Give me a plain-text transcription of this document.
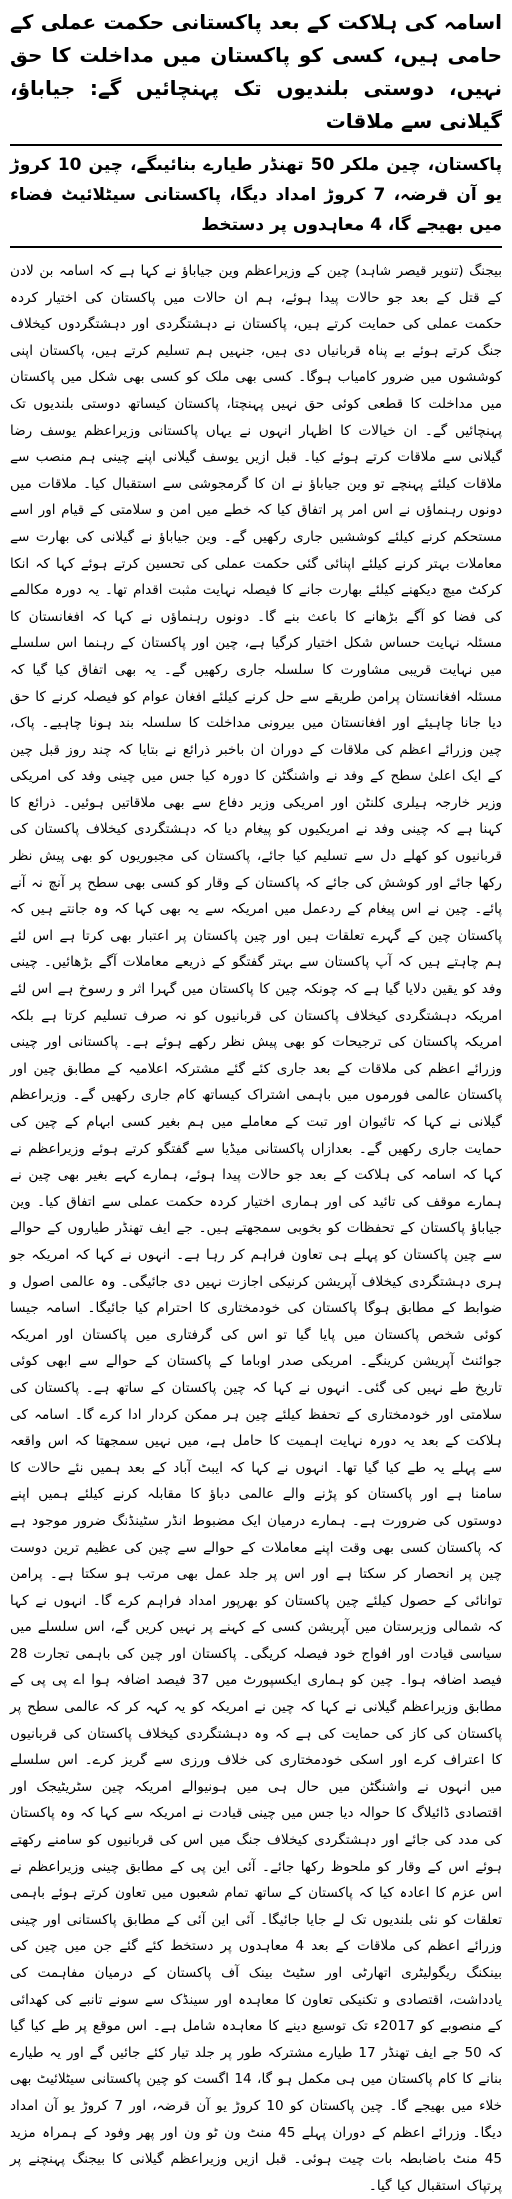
اسامہ کی ہلاکت کے بعد پاکستانی حکمت عملی کے حامی ہیں، کسی کو پاکستان میں مداخلت کا حق نہیں، دوستی بلندیوں تک پہنچائیں گے: جیاباؤ، گیلانی سے ملاقات
پاکستان، چین ملکر 50 تھنڈر طیارے بنائیںگے، چین 10 کروڑ یو آن قرضہ، 7 کروڑ امداد دیگا، پاکستانی سیٹلائیٹ فضاء میں بھیجے گا، 4 معاہدوں پر دستخط

بیجنگ (تنویر قیصر شاہد) چین کے وزیراعظم وین جیاباؤ نے کہا ہے کہ اسامہ بن لادن کے قتل کے بعد جو حالات پیدا ہوئے، ہم ان حالات میں پاکستان کی اختیار کردہ حکمت عملی کی حمایت کرتے ہیں، پاکستان نے دہشتگردی اور دہشتگردوں کیخلاف جنگ کرتے ہوئے بے پناہ قربانیاں دی ہیں، جنہیں ہم تسلیم کرتے ہیں، پاکستان اپنی کوششوں میں ضرور کامیاب ہوگا۔ کسی بھی ملک کو کسی بھی شکل میں پاکستان میں مداخلت کا قطعی کوئی حق نہیں پہنچتا، پاکستان کیساتھ دوستی بلندیوں تک پہنچائیں گے۔ ان خیالات کا اظہار انہوں نے یہاں پاکستانی وزیراعظم یوسف رضا گیلانی سے ملاقات کرتے ہوئے کیا۔ قبل ازیں یوسف گیلانی اپنے چینی ہم منصب سے ملاقات کیلئے پہنچے تو وین جیاباؤ نے ان کا گرمجوشی سے استقبال کیا۔ ملاقات میں دونوں رہنماؤں نے اس امر پر اتفاق کیا کہ خطے میں امن و سلامتی کے قیام اور اسے مستحکم کرنے کیلئے کوششیں جاری رکھیں گے۔ وین جیاباؤ نے گیلانی کی بھارت سے معاملات بہتر کرنے کیلئے اپنائی گئی حکمت عملی کی تحسین کرتے ہوئے کہا کہ انکا کرکٹ میچ دیکھنے کیلئے بھارت جانے کا فیصلہ نہایت مثبت اقدام تھا۔ یہ دورہ مکالمے کی فضا کو آگے بڑھانے کا باعث بنے گا۔ دونوں رہنماؤں نے کہا کہ افغانستان کا مسئلہ نہایت حساس شکل اختیار کرگیا ہے، چین اور پاکستان کے رہنما اس سلسلے میں نہایت قریبی مشاورت کا سلسلہ جاری رکھیں گے۔ یہ بھی اتفاق کیا گیا کہ مسئلہ افغانستان پرامن طریقے سے حل کرنے کیلئے افغان عوام کو فیصلہ کرنے کا حق دیا جانا چاہیئے اور افغانستان میں بیرونی مداخلت کا سلسلہ بند ہونا چاہیے۔ پاک، چین وزرائے اعظم کی ملاقات کے دوران ان باخبر ذرائع نے بتایا کہ چند روز قبل چین کے ایک اعلیٰ سطح کے وفد نے واشنگٹن کا دورہ کیا جس میں چینی وفد کی امریکی وزیر خارجہ ہیلری کلنٹن اور امریکی وزیر دفاع سے بھی ملاقاتیں ہوئیں۔ ذرائع کا کہنا ہے کہ چینی وفد نے امریکیوں کو پیغام دیا کہ دہشتگردی کیخلاف پاکستان کی قربانیوں کو کھلے دل سے تسلیم کیا جائے، پاکستان کی مجبوریوں کو بھی پیش نظر رکھا جائے اور کوشش کی جائے کہ پاکستان کے وقار کو کسی بھی سطح پر آنچ نہ آنے پائے۔ چین نے اس پیغام کے ردعمل میں امریکہ سے یہ بھی کہا کہ وہ جانتے ہیں کہ پاکستان چین کے گہرے تعلقات ہیں اور چین پاکستان پر اعتبار بھی کرتا ہے اس لئے ہم چاہتے ہیں کہ آپ پاکستان سے بہتر گفتگو کے ذریعے معاملات آگے بڑھائیں۔ چینی وفد کو یقین دلایا گیا ہے کہ چونکہ چین کا پاکستان میں گہرا اثر و رسوخ ہے اس لئے امریکہ دہشتگردی کیخلاف پاکستان کی قربانیوں کو نہ صرف تسلیم کرتا ہے بلکہ امریکہ پاکستان کی ترجیحات کو بھی پیش نظر رکھے ہوئے ہے۔ پاکستانی اور چینی وزرائے اعظم کی ملاقات کے بعد جاری کئے گئے مشترکہ اعلامیہ کے مطابق چین اور پاکستان عالمی فورموں میں باہمی اشتراک کیساتھ کام جاری رکھیں گے۔ وزیراعظم گیلانی نے کہا کہ تائیوان اور تبت کے معاملے میں ہم بغیر کسی ابہام کے چین کی حمایت جاری رکھیں گے۔ بعدازاں پاکستانی میڈیا سے گفتگو کرتے ہوئے وزیراعظم نے کہا کہ اسامہ کی ہلاکت کے بعد جو حالات پیدا ہوئے، ہمارے کہے بغیر بھی چین نے ہمارے موقف کی تائید کی اور ہماری اختیار کردہ حکمت عملی سے اتفاق کیا۔ وین جیاباؤ پاکستان کے تحفظات کو بخوبی سمجھتے ہیں۔ جے ایف تھنڈر طیاروں کے حوالے سے چین پاکستان کو پہلے ہی تعاون فراہم کر رہا ہے۔ انہوں نے کہا کہ امریکہ جو ہری دہشتگردی کیخلاف آپریشن کرنیکی اجازت نہیں دی جائیگی۔ وہ عالمی اصول و ضوابط کے مطابق ہوگا پاکستان کی خودمختاری کا احترام کیا جائیگا۔ اسامہ جیسا کوئی شخص پاکستان میں پایا گیا تو اس کی گرفتاری میں پاکستان اور امریکہ جوائنٹ آپریشن کرینگے۔ امریکی صدر اوباما کے پاکستان کے حوالے سے ابھی کوئی تاریخ طے نہیں کی گئی۔ انہوں نے کہا کہ چین پاکستان کے ساتھ ہے۔ پاکستان کی سلامتی اور خودمختاری کے تحفظ کیلئے چین ہر ممکن کردار ادا کرے گا۔ اسامہ کی ہلاکت کے بعد یہ دورہ نہایت اہمیت کا حامل ہے، میں نہیں سمجھتا کہ اس واقعہ سے پہلے یہ طے کیا گیا تھا۔ انہوں نے کہا کہ ایبٹ آباد کے بعد ہمیں نئے حالات کا سامنا ہے اور پاکستان کو پڑنے والے عالمی دباؤ کا مقابلہ کرنے کیلئے ہمیں اپنے دوستوں کی ضرورت ہے۔ ہمارے درمیان ایک مضبوط انڈر سٹینڈنگ ضرور موجود ہے کہ پاکستان کسی بھی وقت اپنے معاملات کے حوالے سے چین کی عظیم ترین دوست چین پر انحصار کر سکتا ہے اور اس پر جلد عمل بھی مرتب ہو سکتا ہے۔ پرامن توانائی کے حصول کیلئے چین پاکستان کو بھرپور امداد فراہم کرے گا۔ انہوں نے کہا کہ شمالی وزیرستان میں آپریشن کسی کے کہنے پر نہیں کریں گے، اس سلسلے میں سیاسی قیادت اور افواج خود فیصلہ کریگی۔ پاکستان اور چین کی باہمی تجارت 28 فیصد اضافہ ہوا۔ چین کو ہماری ایکسپورٹ میں 37 فیصد اضافہ ہوا اے پی پی کے مطابق وزیراعظم گیلانی نے کہا کہ چین نے امریکہ کو یہ کہہ کر کہ عالمی سطح پر پاکستان کی کاز کی حمایت کی ہے کہ وہ دہشتگردی کیخلاف پاکستان کی قربانیوں کا اعتراف کرے اور اسکی خودمختاری کی خلاف ورزی سے گریز کرے۔ اس سلسلے میں انہوں نے واشنگٹن میں حال ہی میں ہونیوالے امریکہ چین سٹریٹیجک اور اقتصادی ڈائیلاگ کا حوالہ دیا جس میں چینی قیادت نے امریکہ سے کہا کہ وہ پاکستان کی مدد کی جائے اور دہشتگردی کیخلاف جنگ میں اس کی قربانیوں کو سامنے رکھتے ہوئے اس کے وقار کو ملحوظ رکھا جائے۔ آئی این پی کے مطابق چینی وزیراعظم نے اس عزم کا اعادہ کیا کہ پاکستان کے ساتھ تمام شعبوں میں تعاون کرتے ہوئے باہمی تعلقات کو نئی بلندیوں تک لے جایا جائیگا۔ آئی این آئی کے مطابق پاکستانی اور چینی وزرائے اعظم کی ملاقات کے بعد 4 معاہدوں پر دستخط کئے گئے جن میں چین کی بینکنگ ریگولیٹری اتھارٹی اور سٹیٹ بینک آف پاکستان کے درمیان مفاہمت کی یادداشت، اقتصادی و تکنیکی تعاون کا معاہدہ اور سینڈک سے سونے تانبے کی کھدائی کے منصوبے کو 2017ء تک توسیع دینے کا معاہدہ شامل ہے۔ اس موقع پر طے کیا گیا کہ 50 جے ایف تھنڈر 17 طیارے مشترکہ طور پر جلد تیار کئے جائیں گے اور یہ طیارے بنانے کا کام پاکستان میں ہی مکمل ہو گا، 14 اگست کو چین پاکستانی سیٹلائیٹ بھی خلاء میں بھیجے گا۔ چین پاکستان کو 10 کروڑ یو آن قرضہ، اور 7 کروڑ یو آن امداد دیگا۔ وزرائے اعظم کے دوران پہلے 45 منٹ ون ٹو ون اور پھر وفود کے ہمراہ مزید 45 منٹ باضابطہ بات چیت ہوئی۔ قبل ازیں وزیراعظم گیلانی کا بیجنگ پہنچنے پر پرتپاک استقبال کیا گیا۔
